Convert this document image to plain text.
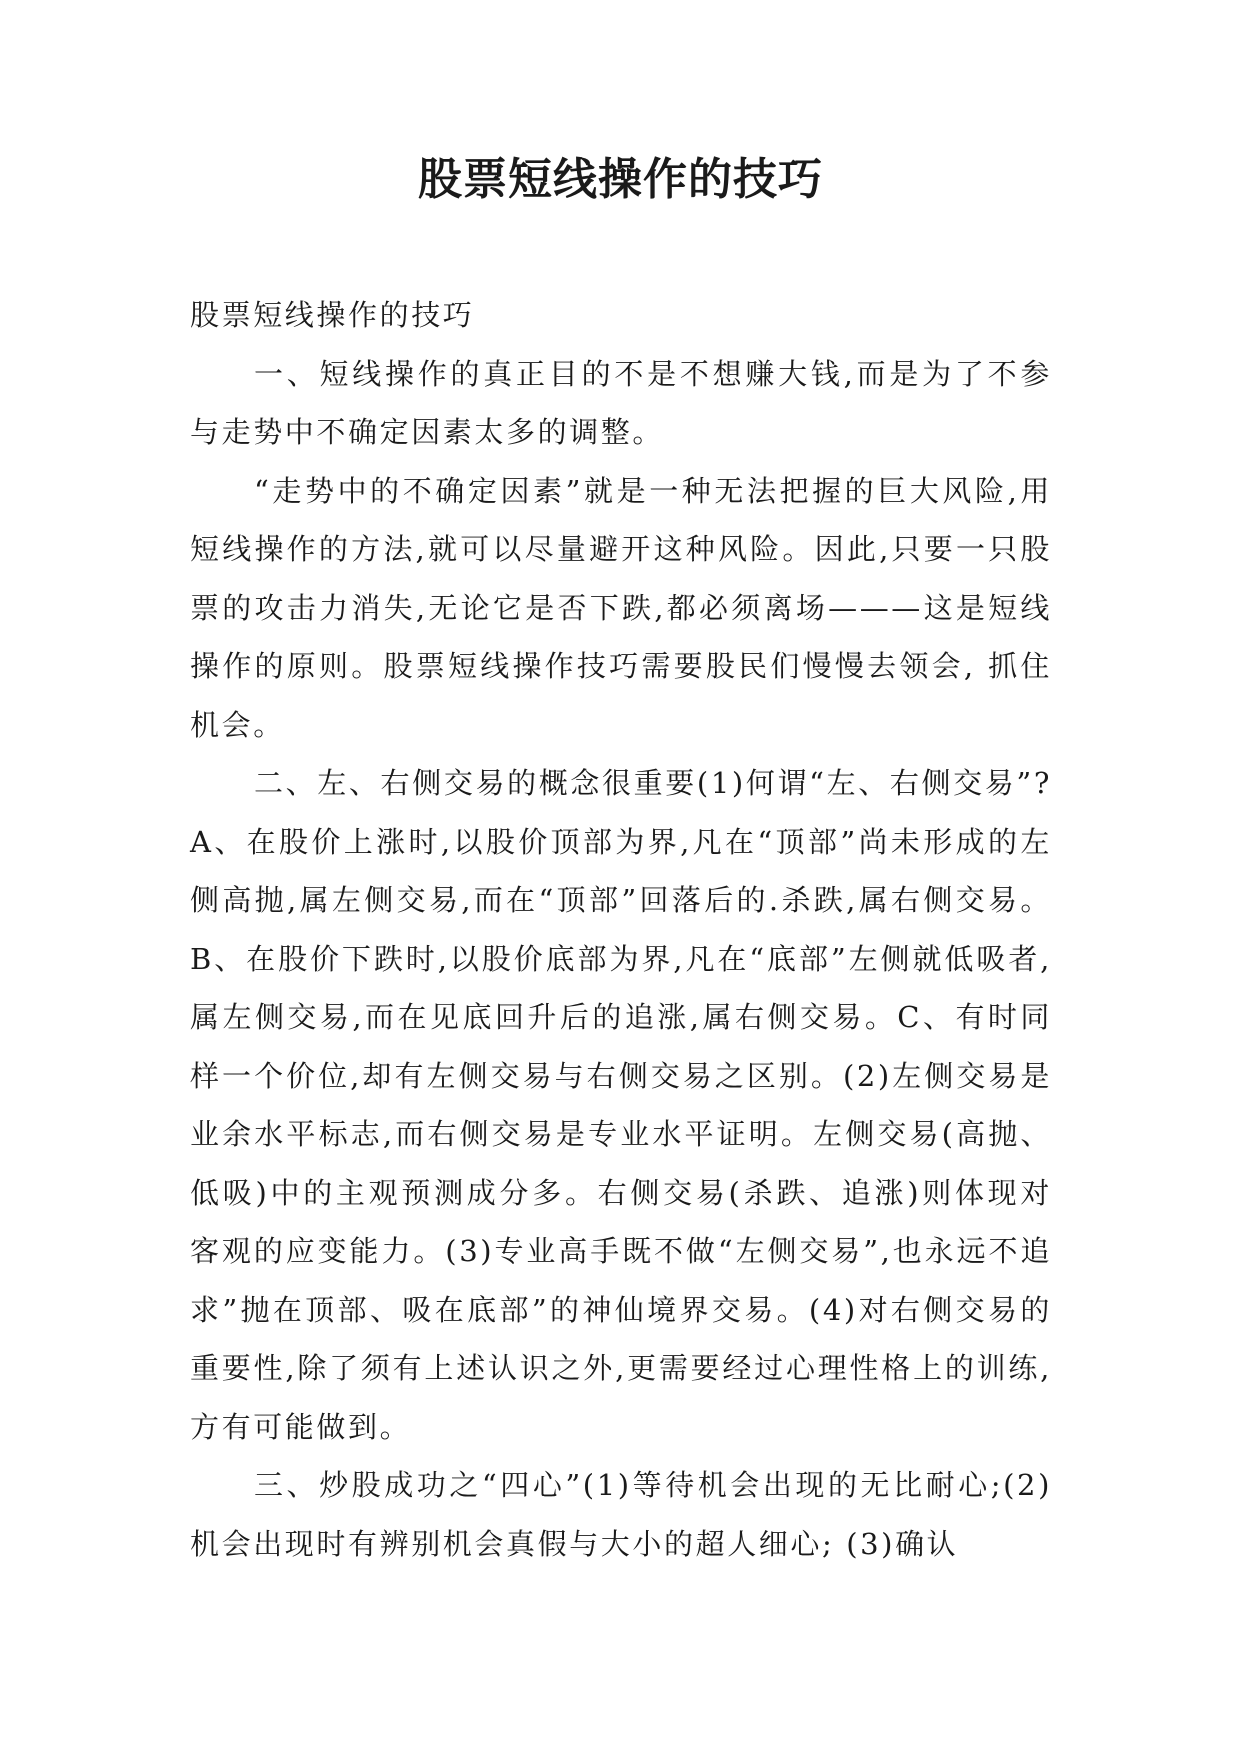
股票短线操作的技巧

股票短线操作的技巧

一、短线操作的真正目的不是不想赚大钱,而是为了不参与走势中不确定因素太多的调整。

“走势中的不确定因素”就是一种无法把握的巨大风险,用短线操作的方法,就可以尽量避开这种风险。因此,只要一只股票的攻击力消失,无论它是否下跌,都必须离场———这是短线操作的原则。股票短线操作技巧需要股民们慢慢去领会, 抓住机会。

二、左、右侧交易的概念很重要(1)何谓“左、右侧交易”?A、在股价上涨时,以股价顶部为界,凡在“顶部”尚未形成的左侧高抛,属左侧交易,而在“顶部”回落后的.杀跌,属右侧交易。B、在股价下跌时,以股价底部为界,凡在“底部”左侧就低吸者,属左侧交易,而在见底回升后的追涨,属右侧交易。C、有时同样一个价位,却有左侧交易与右侧交易之区别。(2)左侧交易是业余水平标志,而右侧交易是专业水平证明。左侧交易(高抛、低吸)中的主观预测成分多。右侧交易(杀跌、追涨)则体现对客观的应变能力。(3)专业高手既不做“左侧交易”,也永远不追求”抛在顶部、吸在底部”的神仙境界交易。(4)对右侧交易的重要性,除了须有上述认识之外,更需要经过心理性格上的训练,方有可能做到。

三、炒股成功之“四心”(1)等待机会出现的无比耐心;(2)机会出现时有辨别机会真假与大小的超人细心; (3)确认
